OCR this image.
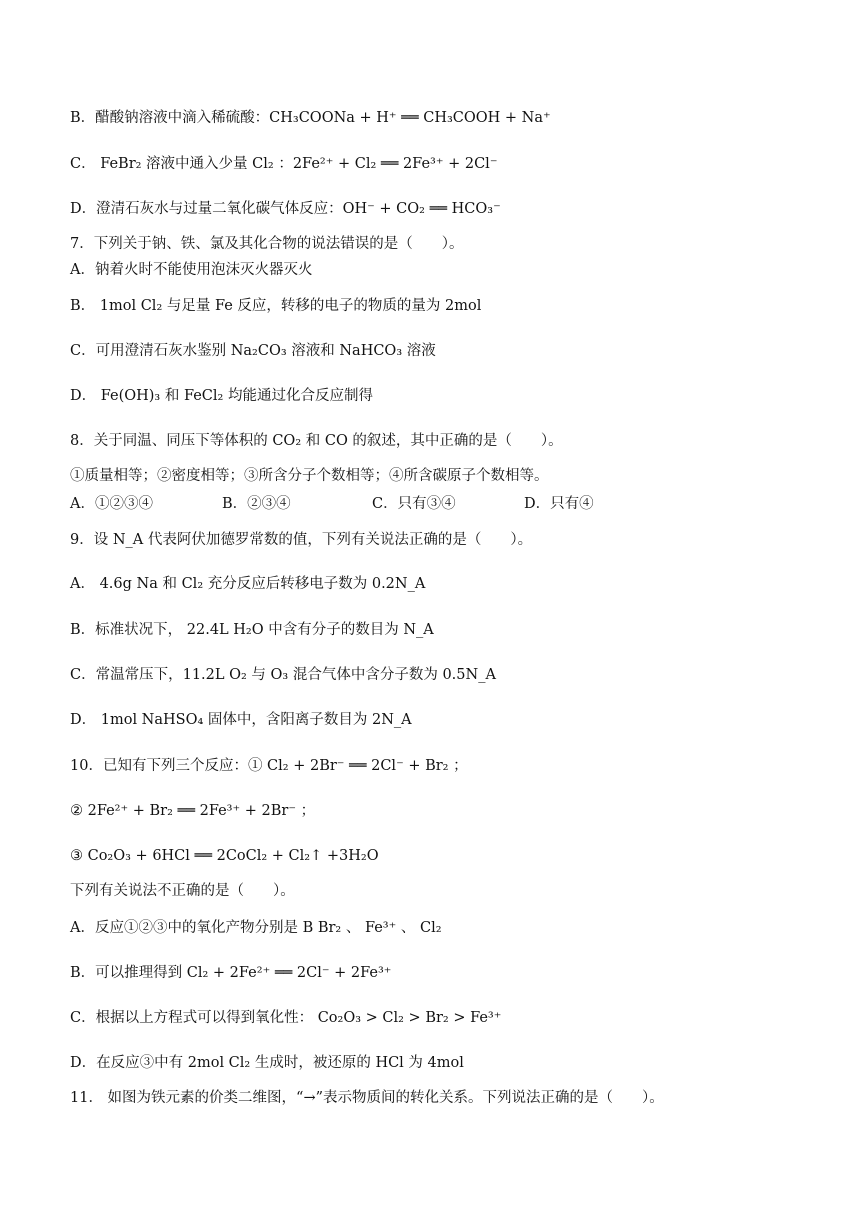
B．醋酸钠溶液中滴入稀硫酸：CH₃COONa + H⁺ ══ CH₃COOH + Na⁺
C． FeBr₂ 溶液中通入少量 Cl₂ ：2Fe²⁺ + Cl₂ ══ 2Fe³⁺ + 2Cl⁻
D．澄清石灰水与过量二氧化碳气体反应：OH⁻ + CO₂ ══ HCO₃⁻
7．下列关于钠、铁、氯及其化合物的说法错误的是（　　）。
A．钠着火时不能使用泡沫灭火器灭火
B． 1mol Cl₂ 与足量 Fe 反应，转移的电子的物质的量为 2mol
C．可用澄清石灰水鉴别 Na₂CO₃ 溶液和 NaHCO₃ 溶液
D． Fe(OH)₃ 和 FeCl₂ 均能通过化合反应制得
8．关于同温、同压下等体积的 CO₂ 和 CO 的叙述，其中正确的是（　　）。
①质量相等；②密度相等；③所含分子个数相等；④所含碳原子个数相等。
A．①②③④	B．②③④	C．只有③④	D．只有④
9．设 N_A 代表阿伏加德罗常数的值，下列有关说法正确的是（　　）。
A． 4.6g Na 和 Cl₂ 充分反应后转移电子数为 0.2N_A
B．标准状况下， 22.4L H₂O 中含有分子的数目为 N_A
C．常温常压下，11.2L O₂ 与 O₃ 混合气体中含分子数为 0.5N_A
D． 1mol NaHSO₄ 固体中，含阳离子数目为 2N_A
10．已知有下列三个反应：① Cl₂ + 2Br⁻ ══ 2Cl⁻ + Br₂ ；
② 2Fe²⁺ + Br₂ ══ 2Fe³⁺ + 2Br⁻ ；
③ Co₂O₃ + 6HCl ══ 2CoCl₂ + Cl₂↑ +3H₂O
下列有关说法不正确的是（　　）。
A．反应①②③中的氧化产物分别是 B Br₂ 、 Fe³⁺ 、 Cl₂
B．可以推理得到 Cl₂ + 2Fe²⁺ ══ 2Cl⁻ + 2Fe³⁺
C．根据以上方程式可以得到氧化性： Co₂O₃ > Cl₂ > Br₂ > Fe³⁺
D．在反应③中有 2mol Cl₂ 生成时，被还原的 HCl 为 4mol
11． 如图为铁元素的价类二维图，“→”表示物质间的转化关系。下列说法正确的是（　　）。
